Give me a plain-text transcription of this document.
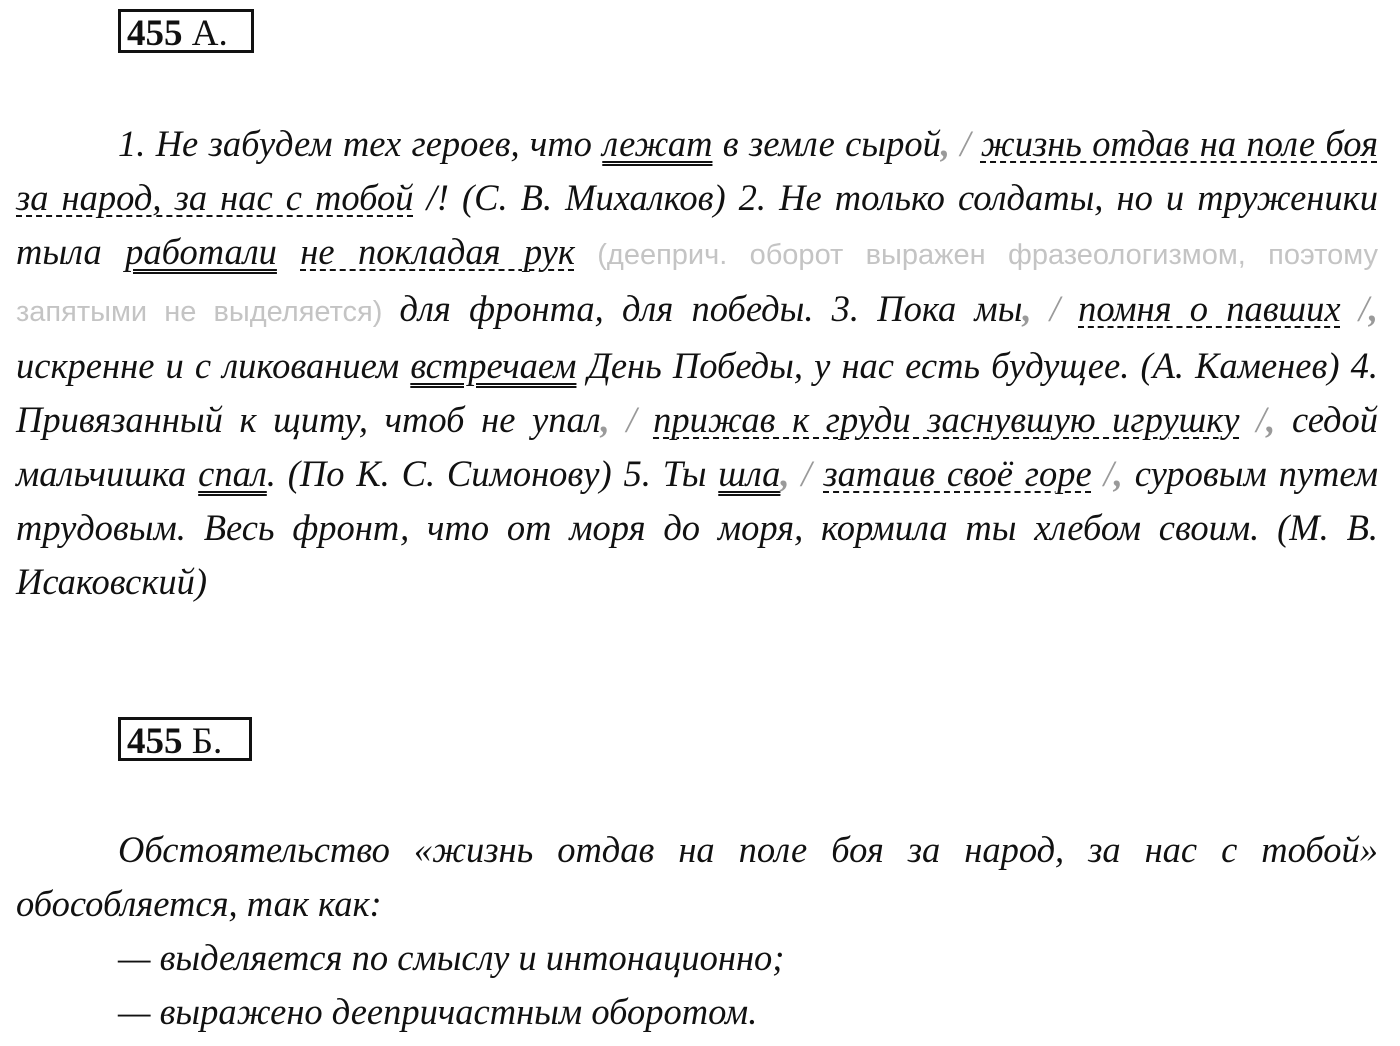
455 А.
1. Не забудем тех героев, что лежат в земле сырой, / жизнь отдав на поле боя за народ, за нас с тобой /! (С. В. Михалков) 2. Не только солдаты, но и труженики тыла работали не покладая рук (дееприч. оборот выражен фразеологизмом, поэтому запятыми не выделяется) для фронта, для победы. 3. Пока мы, / помня о павших /, искренне и с ликованием встречаем День Победы, у нас есть будущее. (А. Каменев) 4. Привязанный к щиту, чтоб не упал, / прижав к груди заснувшую игрушку /, седой мальчишка спал. (По К. С. Симонову) 5. Ты шла, / затаив своё горе /, суровым путем трудовым. Весь фронт, что от моря до моря, кормила ты хлебом своим. (М. В. Исаковский)
455 Б.
Обстоятельство «жизнь отдав на поле боя за народ, за нас с тобой» обособляется, так как:
— выделяется по смыслу и интонационно;
— выражено деепричастным оборотом.
